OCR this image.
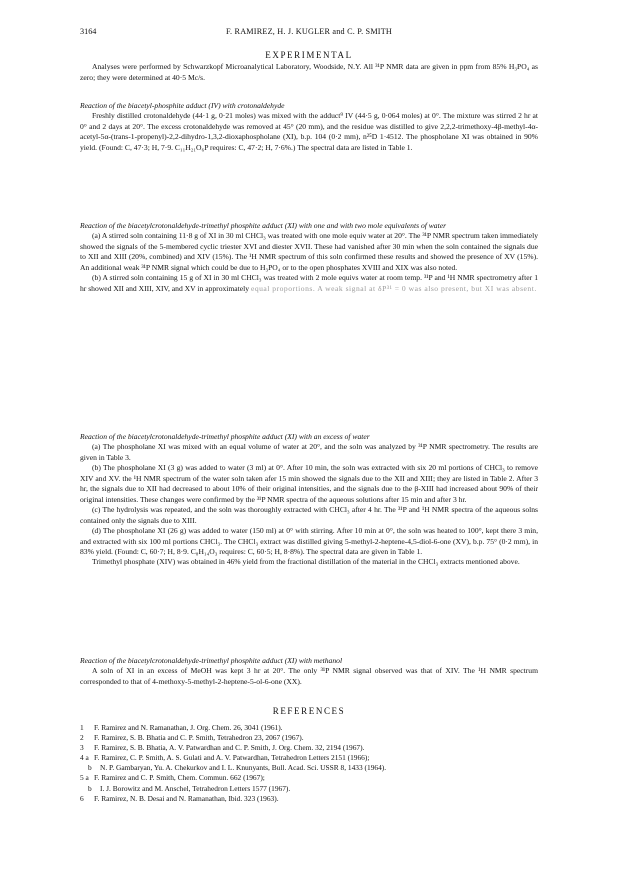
3164	F. RAMIREZ, H. J. KUGLER and C. P. SMITH
EXPERIMENTAL

Analyses were performed by Schwarzkopf Microanalytical Laboratory, Woodside, N.Y. All ³¹P NMR data are given in ppm from 85% H₃PO₄ as zero; they were determined at 40·5 Mc/s.

Reaction of the biacetyl-phosphite adduct (IV) with crotonaldehyde

Freshly distilled crotonaldehyde (44·1 g, 0·21 moles) was mixed with the adduct⁹ IV (44·5 g, 0·064 moles) at 0°. The mixture was stirred 2 hr at 0° and 2 days at 20°. The excess crotonaldehyde was removed at 45° (20 mm), and the residue was distilled to give 2,2,2-trimethoxy-4β-methyl-4α-acetyl-5α-(trans-1-propenyl)-2,2-dihydro-1,3,2-dioxaphospholane (XI), b.p. 104 (0·2 mm), n²⁵D 1·4512. The phospholane XI was obtained in 90% yield. (Found: C, 47·3; H, 7·9. C₁₁H₂₁O₆P requires: C, 47·2; H, 7·6%.) The spectral data are listed in Table 1.

Reaction of the biacetylcrotonaldehyde-trimethyl phosphite adduct (XI) with one and with two mole equivalents of water

(a) A stirred soln containing 11·8 g of XI in 30 ml CHCl₃ was treated with one mole equiv water at 20°. The ³¹P NMR spectrum taken immediately showed the signals of the 5-membered cyclic triester XVI and diester XVII. These had vanished after 30 min when the soln contained the signals due to XII and XIII (20%, combined) and XIV (15%). The ¹H NMR spectrum of this soln confirmed these results and showed the presence of XV (15%). An additional weak ³¹P NMR signal which could be due to H₃PO₄ or to the open phosphates XVIII and XIX was also noted.

(b) A stirred soln containing 15 g of XI in 30 ml CHCl₃ was treated with 2 mole equivs water at room temp. ³¹P and ¹H NMR spectrometry after 1 hr showed XII and XIII, XIV, and XV in approximately equal proportions. A weak signal at δP³¹ = 0 was also present, but XI was absent.

Reaction of the biacetylcrotonaldehyde-trimethyl phosphite adduct (XI) with an excess of water

(a) The phospholane XI was mixed with an equal volume of water at 20°, and the soln was analyzed by ³¹P NMR spectrometry. The results are given in Table 3.

(b) The phospholane XI (3 g) was added to water (3 ml) at 0°. After 10 min, the soln was extracted with six 20 ml portions of CHCl₃ to remove XIV and XV. the ¹H NMR spectrum of the water soln taken afer 15 min showed the signals due to the XII and XIII; they are listed in Table 2. After 3 hr, the signals due to XII had decreased to about 10% of their original intensities, and the signals due to the β-XIII had increased about 90% of their original intensities. These changes were confirmed by the ³¹P NMR spectra of the aqueous solutions after 15 min and after 3 hr.

(c) The hydrolysis was repeated, and the soln was thoroughly extracted with CHCl₃ after 4 hr. The ³¹P and ¹H NMR spectra of the aqueous solns contained only the signals due to XIII.

(d) The phospholane XI (26 g) was added to water (150 ml) at 0° with stirring. After 10 min at 0°, the soln was heated to 100°, kept there 3 min, and extracted with six 100 ml portions CHCl₃. The CHCl₃ extract was distilled giving 5-methyl-2-heptene-4,5-diol-6-one (XV), b.p. 75° (0·2 mm), in 83% yield. (Found: C, 60·7; H, 8·9. C₈H₁₄O₃ requires: C, 60·5; H, 8·8%). The spectral data are given in Table 1.

Trimethyl phosphate (XIV) was obtained in 46% yield from the fractional distillation of the material in the CHCl₃ extracts mentioned above.

Reaction of the biacetylcrotonaldehyde-trimethyl phosphite adduct (XI) with methanol

A soln of XI in an excess of MeOH was kept 3 hr at 20°. The only ³¹P NMR signal observed was that of XIV. The ¹H NMR spectrum corresponded to that of 4-methoxy-5-methyl-2-heptene-5-ol-6-one (XX).

REFERENCES
1	F. Ramirez and N. Ramanathan, J. Org. Chem. 26, 3041 (1961).
2	F. Ramirez, S. B. Bhatia and C. P. Smith, Tetrahedron 23, 2067 (1967).
3	F. Ramirez, S. B. Bhatia, A. V. Patwardhan and C. P. Smith, J. Org. Chem. 32, 2194 (1967).
4 a F. Ramirez, C. P. Smith, A. S. Gulati and A. V. Patwardhan, Tetrahedron Letters 2151 (1966);
b	N. P. Gambaryan, Yu. A. Chekurkov and I. L. Knunyants, Bull. Acad. Sci. USSR 8, 1433 (1964).
5 a F. Ramirez and C. P. Smith, Chem. Commun. 662 (1967);
b	I. J. Borowitz and M. Anschel, Tetrahedron Letters 1577 (1967).
6	F. Ramirez, N. B. Desai and N. Ramanathan, Ibid. 323 (1963).
